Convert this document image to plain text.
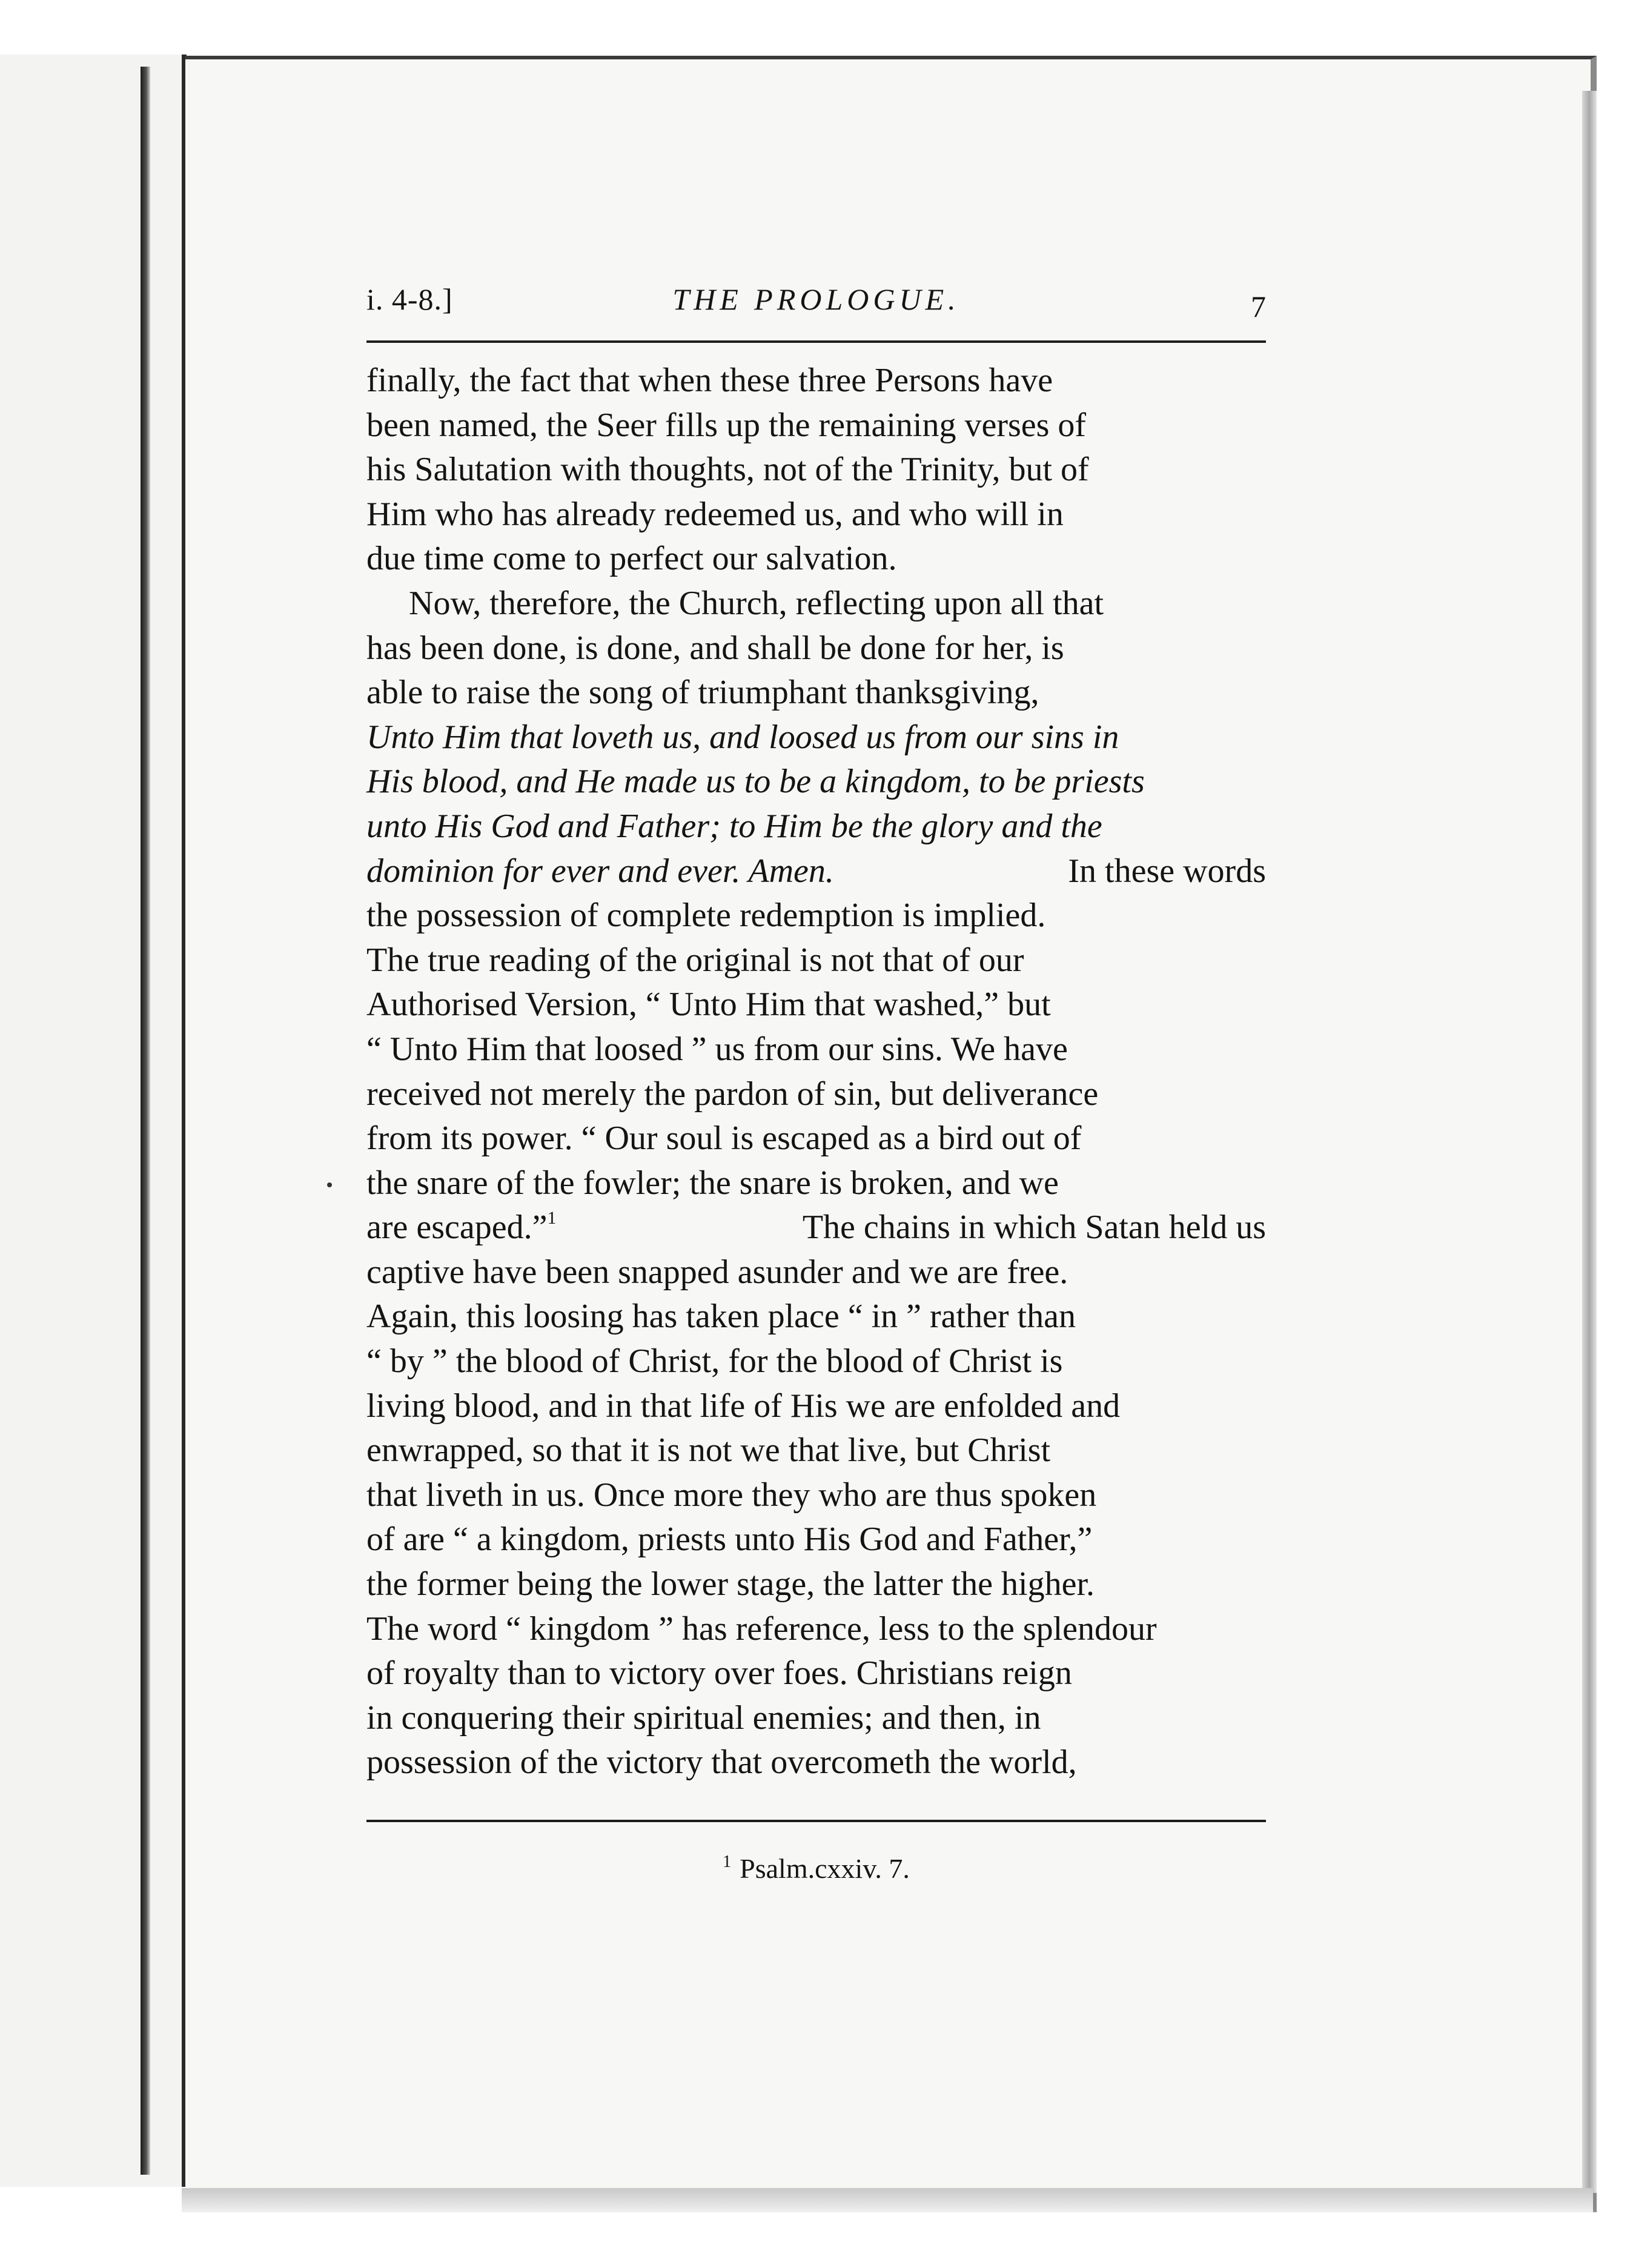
i. 4-8.]	THE PROLOGUE.	7
finally, the fact that when these three Persons have
been named, the Seer fills up the remaining verses of
his Salutation with thoughts, not of the Trinity, but of
Him who has already redeemed us, and who will in
due time come to perfect our salvation.
Now, therefore, the Church, reflecting upon all that
has been done, is done, and shall be done for her, is
able to raise the song of triumphant thanksgiving,
Unto Him that loveth us, and loosed us from our sins in
His blood, and He made us to be a kingdom, to be priests
unto His God and Father; to Him be the glory and the
dominion for ever and ever. Amen.	In these words
the possession of complete redemption is implied.
The true reading of the original is not that of our
Authorised Version, “ Unto Him that washed,” but
“ Unto Him that loosed ” us from our sins. We have
received not merely the pardon of sin, but deliverance
from its power. “ Our soul is escaped as a bird out of
the snare of the fowler; the snare is broken, and we
are escaped.”$^1$	The chains in which Satan held us
captive have been snapped asunder and we are free.
Again, this loosing has taken place “ in ” rather than
“ by ” the blood of Christ, for the blood of Christ is
living blood, and in that life of His we are enfolded and
enwrapped, so that it is not we that live, but Christ
that liveth in us. Once more they who are thus spoken
of are “ a kingdom, priests unto His God and Father,”
the former being the lower stage, the latter the higher.
The word “ kingdom ” has reference, less to the splendour
of royalty than to victory over foes. Christians reign
in conquering their spiritual enemies; and then, in
possession of the victory that overcometh the world,
$^1$ Psalm.cxxiv. 7.
